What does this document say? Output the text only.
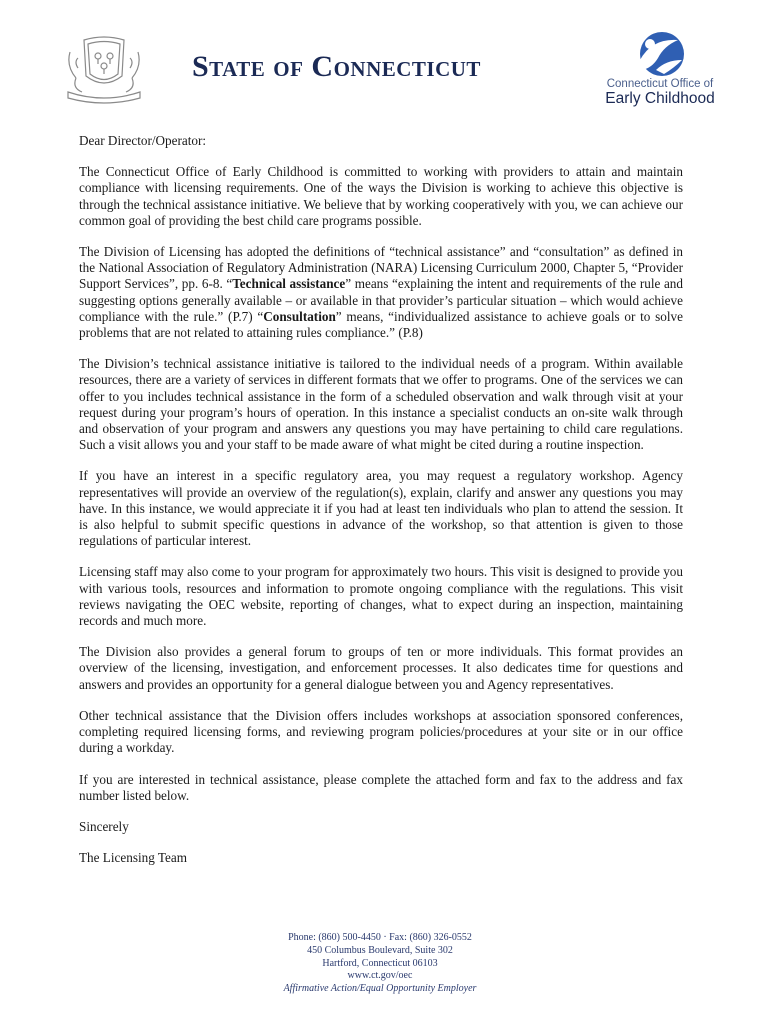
State of Connecticut
Connecticut Office of
Early Childhood

Dear Director/Operator:

The Connecticut Office of Early Childhood is committed to working with providers to attain and maintain compliance with licensing requirements. One of the ways the Division is working to achieve this objective is through the technical assistance initiative. We believe that by working cooperatively with you, we can achieve our common goal of providing the best child care programs possible.

The Division of Licensing has adopted the definitions of “technical assistance” and “consultation” as defined in the National Association of Regulatory Administration (NARA) Licensing Curriculum 2000, Chapter 5, “Provider Support Services”, pp. 6-8. “Technical assistance” means “explaining the intent and requirements of the rule and suggesting options generally available – or available in that provider’s particular situation – which would achieve compliance with the rule.” (P.7) “Consultation” means, “individualized assistance to achieve goals or to solve problems that are not related to attaining rules compliance.” (P.8)

The Division’s technical assistance initiative is tailored to the individual needs of a program. Within available resources, there are a variety of services in different formats that we offer to programs. One of the services we can offer to you includes technical assistance in the form of a scheduled observation and walk through visit at your request during your program’s hours of operation. In this instance a specialist conducts an on-site walk through and observation of your program and answers any questions you may have pertaining to child care regulations. Such a visit allows you and your staff to be made aware of what might be cited during a routine inspection.

If you have an interest in a specific regulatory area, you may request a regulatory workshop. Agency representatives will provide an overview of the regulation(s), explain, clarify and answer any questions you may have. In this instance, we would appreciate it if you had at least ten individuals who plan to attend the session. It is also helpful to submit specific questions in advance of the workshop, so that attention is given to those regulations of particular interest.

Licensing staff may also come to your program for approximately two hours. This visit is designed to provide you with various tools, resources and information to promote ongoing compliance with the regulations. This visit reviews navigating the OEC website, reporting of changes, what to expect during an inspection, maintaining records and much more.

The Division also provides a general forum to groups of ten or more individuals. This format provides an overview of the licensing, investigation, and enforcement processes. It also dedicates time for questions and answers and provides an opportunity for a general dialogue between you and Agency representatives.

Other technical assistance that the Division offers includes workshops at association sponsored conferences, completing required licensing forms, and reviewing program policies/procedures at your site or in our office during a workday.

If you are interested in technical assistance, please complete the attached form and fax to the address and fax number listed below.

Sincerely

The Licensing Team

Phone: (860) 500-4450 · Fax: (860) 326-0552
450 Columbus Boulevard, Suite 302
Hartford, Connecticut 06103
www.ct.gov/oec
Affirmative Action/Equal Opportunity Employer
